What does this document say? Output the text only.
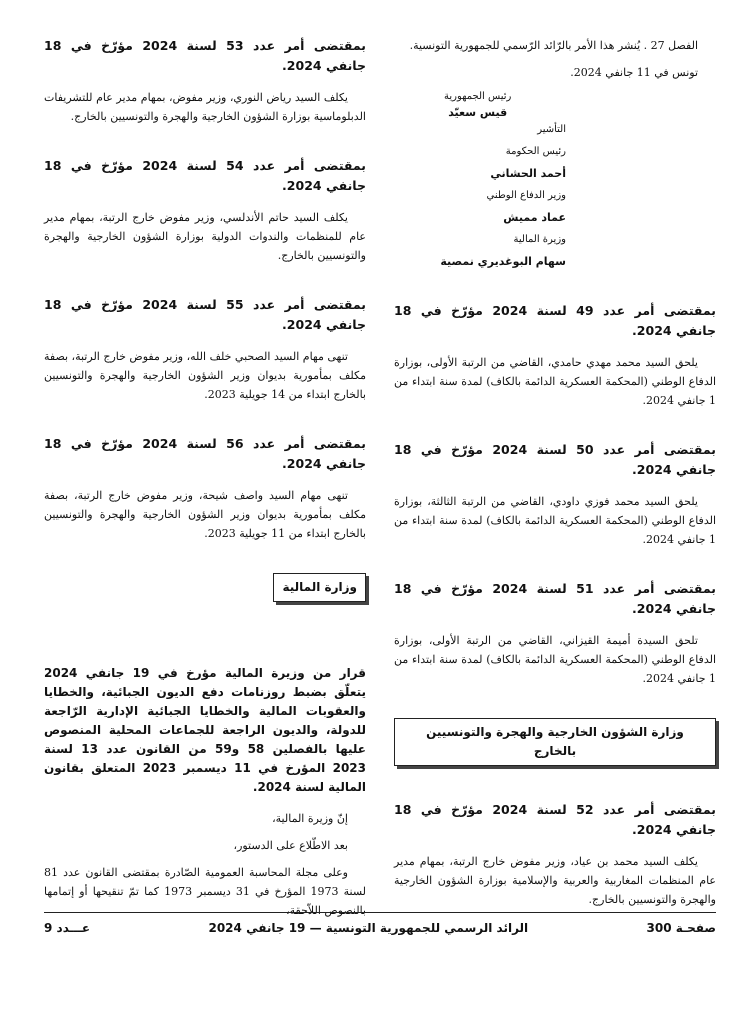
الفصل 27 . يُنشر هذا الأمر بالرّائد الرّسمي للجمهورية التونسية.

تونس في 11 جانفي 2024.
رئيس الجمهورية
قيس سعيّد
التأشير
رئيس الحكومة
أحمد الحشاني
وزير الدفاع الوطني
عماد مميش
وزيرة المالية
سهام البوغديري نمصية
بمقتضى أمر عدد 49 لسنة 2024 مؤرّخ في 18 جانفي 2024.

يلحق السيد محمد مهدي حامدي، القاضي من الرتبة الأولى، بوزارة الدفاع الوطني (المحكمة العسكرية الدائمة بالكاف) لمدة سنة ابتداء من 1 جانفي 2024.

بمقتضى أمر عدد 50 لسنة 2024 مؤرّخ في 18 جانفي 2024.

يلحق السيد محمد فوزي داودي، القاضي من الرتبة الثالثة، بوزارة الدفاع الوطني (المحكمة العسكرية الدائمة بالكاف) لمدة سنة ابتداء من 1 جانفي 2024.

بمقتضى أمر عدد 51 لسنة 2024 مؤرّخ في 18 جانفي 2024.

تلحق السيدة أميمة القيزاني، القاضي من الرتبة الأولى، بوزارة الدفاع الوطني (المحكمة العسكرية الدائمة بالكاف) لمدة سنة ابتداء من 1 جانفي 2024.

وزارة الشؤون الخارجية والهجرة والتونسيين بالخارج
بمقتضى أمر عدد 52 لسنة 2024 مؤرّخ في 18 جانفي 2024.

يكلف السيد محمد بن عياد، وزير مفوض خارج الرتبة، بمهام مدير عام المنظمات المغاربية والعربية والإسلامية بوزارة الشؤون الخارجية والهجرة والتونسيين بالخارج.

بمقتضى أمر عدد 53 لسنة 2024 مؤرّخ في 18 جانفي 2024.

يكلف السيد رياض النوري، وزير مفوض، بمهام مدير عام للتشريفات الدبلوماسية بوزارة الشؤون الخارجية والهجرة والتونسيين بالخارج.

بمقتضى أمر عدد 54 لسنة 2024 مؤرّخ في 18 جانفي 2024.

يكلف السيد حاتم الأندلسي، وزير مفوض خارج الرتبة، بمهام مدير عام للمنظمات والندوات الدولية بوزارة الشؤون الخارجية والهجرة والتونسيين بالخارج.

بمقتضى أمر عدد 55 لسنة 2024 مؤرّخ في 18 جانفي 2024.

تنهى مهام السيد الصحبي خلف الله، وزير مفوض خارج الرتبة، بصفة مكلف بمأمورية بديوان وزير الشؤون الخارجية والهجرة والتونسيين بالخارج ابتداء من 14 جويلية 2023.

بمقتضى أمر عدد 56 لسنة 2024 مؤرّخ في 18 جانفي 2024.

تنهى مهام السيد واصف شيحة، وزير مفوض خارج الرتبة، بصفة مكلف بمأمورية بديوان وزير الشؤون الخارجية والهجرة والتونسيين بالخارج ابتداء من 11 جويلية 2023.

وزارة المالية

قرار من وزيرة المالية مؤرخ في 19 جانفي 2024 يتعلّق بضبط روزنامات دفع الديون الجبائية، والخطايا والعقوبات المالية والخطايا الجبائية الإدارية الرّاجعة للدولة، والديون الراجعة للجماعات المحلية المنصوص عليها بالفصلين 58 و59 من القانون عدد 13 لسنة 2023 المؤرخ في 11 ديسمبر 2023 المتعلق بقانون المالية لسنة 2024.

إنّ وزيرة المالية،

بعد الاطّلاع على الدستور،

وعلى مجلة المحاسبة العمومية الصّادرة بمقتضى القانون عدد 81 لسنة 1973 المؤرخ في 31 ديسمبر 1973 كما تمّ تنقيحها أو إتمامها بالنصوص اللاّحقة،

صفحـة 300
الرائد الرسمي للجمهورية التونسية — 19 جانفي 2024
عـــدد 9
